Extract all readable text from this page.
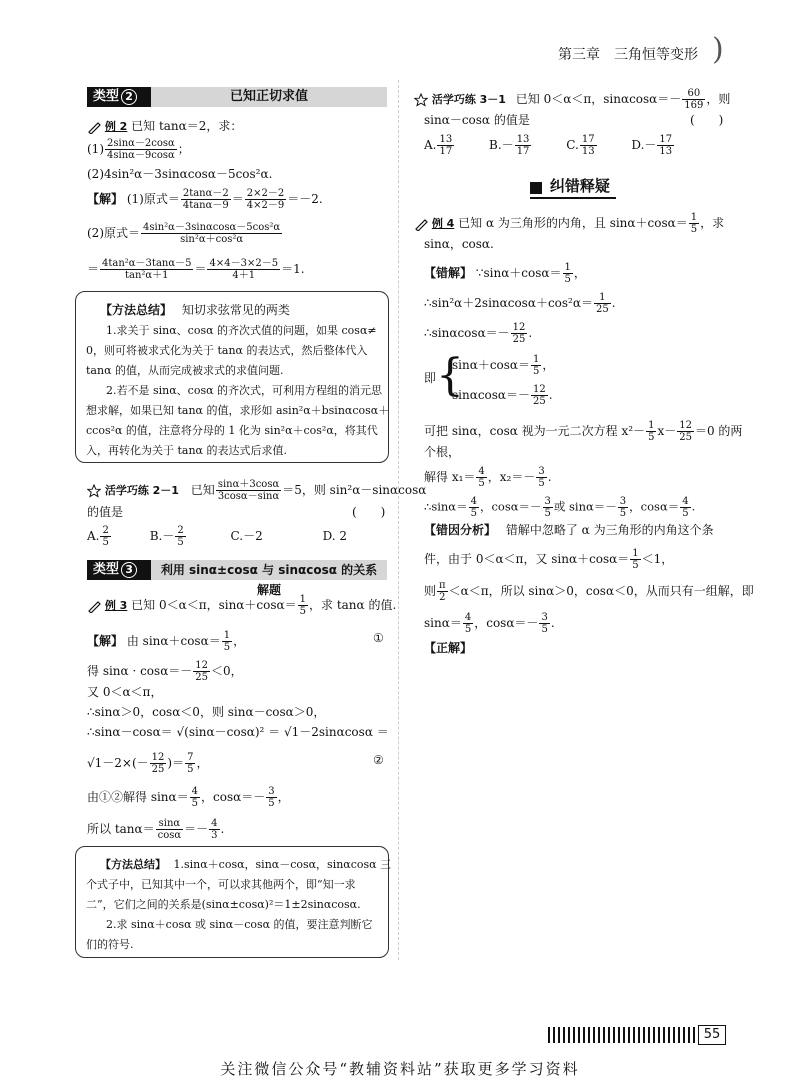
第三章　三角恒等变形 )
类型 2	已知正切求值
例 2 已知 tanα＝2，求：
$(1) \frac{2\sin\alpha-2\cos\alpha}{4\sin\alpha-9\cos\alpha}$ ；
(2)4sin²α－3sinαcosα－5cos²α.
【解】 (1)原式＝ $\frac{2\tan\alpha-2}{4\tan\alpha-9} = \frac{2\times 2-2}{4\times 2-9} =-2$.
(2)原式＝ $\frac{\text{4sin²α－3sinαcosα－5cos²α}}{\text{sin²α＋cos²α}}$
＝ $\frac{\text{4tan²α－3tanα－5}}{\text{tan²α＋1}} = \frac{4\times 4-3\times 2-5}{4+1} =1$.
【方法总结】 知切求弦常见的两类
1.求关于 sinα、cosα 的齐次式值的问题，如果 cosα≠
0，则可将被求式化为关于 tanα 的表达式，然后整体代入
tanα 的值，从而完成被求式的求值问题.
2.若不是 sinα、cosα 的齐次式，可利用方程组的消元思
想求解，如果已知 tanα 的值，求形如 asin²α＋bsinαcosα＋
ccos²α 的值，注意将分母的 1 化为 sin²α＋cos²α，将其代
入，再转化为关于 tanα 的表达式后求值.
活学巧练 2－1 已知 $\frac{\sin\alpha+3\cos\alpha}{3\cos\alpha-\sin\alpha} =5$，则 sin²α－sinαcosα
的值是	(　　)
A. $\frac{2}{5}$	$B.- \frac{2}{5}$	C.－2	D. 2
类型 3	利用 sinα±cosα 与 sinαcosα 的关系解题
例 3 已知 0＜α＜π，$\sin\alpha+\cos\alpha= \frac{1}{5}$ ，求 tanα 的值.
【解】 由 $\sin\alpha+\cos\alpha= \frac{1}{5}$ ，	①
得 $\sin\alpha \cdot \cos\alpha=- \frac{12}{25} <0$，
又 0＜α＜π，
∴sinα＞0，cosα＜0，则 sinα－cosα＞0，
∴sinα－cosα＝ √(sinα－cosα)² ＝ √1－2sinαcosα ＝
$√1-2\times(- \frac{12}{25}$ )＝ $\frac{7}{5}$ ，	②
由①②解得 $\sin\alpha= \frac{4}{5}$ ，$\cos\alpha=- \frac{3}{5}$ ，
所以 $\tan\alpha= \frac{\sin\alpha}{\cos\alpha} =- \frac{4}{3}$ .
【方法总结】 1.sinα＋cosα，sinα－cosα，sinαcosα 三
个式子中，已知其中一个，可以求其他两个，即“知一求
二”，它们之间的关系是(sinα±cosα)²＝1±2sinαcosα.
2.求 sinα＋cosα 或 sinα－cosα 的值，要注意判断它
们的符号.
活学巧练 3－1 已知 0＜α＜π，$\sin\alpha\cos\alpha=- \frac{60}{169}$ ，则
sinα－cosα 的值是	(　　)
A. $\frac{13}{17}$	$B.- \frac{13}{17}$	C. $\frac{17}{13}$	$D.- \frac{17}{13}$
纠错释疑
例 4 已知 α 为三角形的内角，且 $\sin\alpha+\cos\alpha= \frac{1}{5}$ ，求
sinα，cosα.
【错解】 ∵sinα＋cosα＝ $\frac{1}{5}$ ，
∴sin²α＋2sinαcosα＋cos²α＝ $\frac{1}{25}$ .
∴sinαcosα＝－ $\frac{12}{25}$ .
即 {
$\sin\alpha+\cos\alpha= \frac{1}{5}$ ，
$\sin\alpha\cos\alpha=- \frac{12}{25}$ .
可把 sinα，cosα 视为一元二次方程 $x^2- \frac{1}{5} x- \frac{12}{25} =0$ 的两
个根，
解得 $x_1= \frac{4}{5}$ ，$x_2=- \frac{3}{5}$ .
∴sinα＝ $\frac{4}{5}$ ，$\cos\alpha=- \frac{3}{5}$ 或 $\sin\alpha=- \frac{3}{5}$ ，$\cos\alpha= \frac{4}{5}$ .
【错因分析】 错解中忽略了 α 为三角形的内角这个条
件，由于 0＜α＜π，又 $\sin\alpha+\cos\alpha= \frac{1}{5} <1$，
则 $\frac{\pi}{2} <\alpha<\pi$，所以 sinα＞0，cosα＜0，从而只有一组解，即
$\sin\alpha= \frac{4}{5}$ ，$\cos\alpha=- \frac{3}{5}$ .
【正解】
55
关注微信公众号“教辅资料站”获取更多学习资料
